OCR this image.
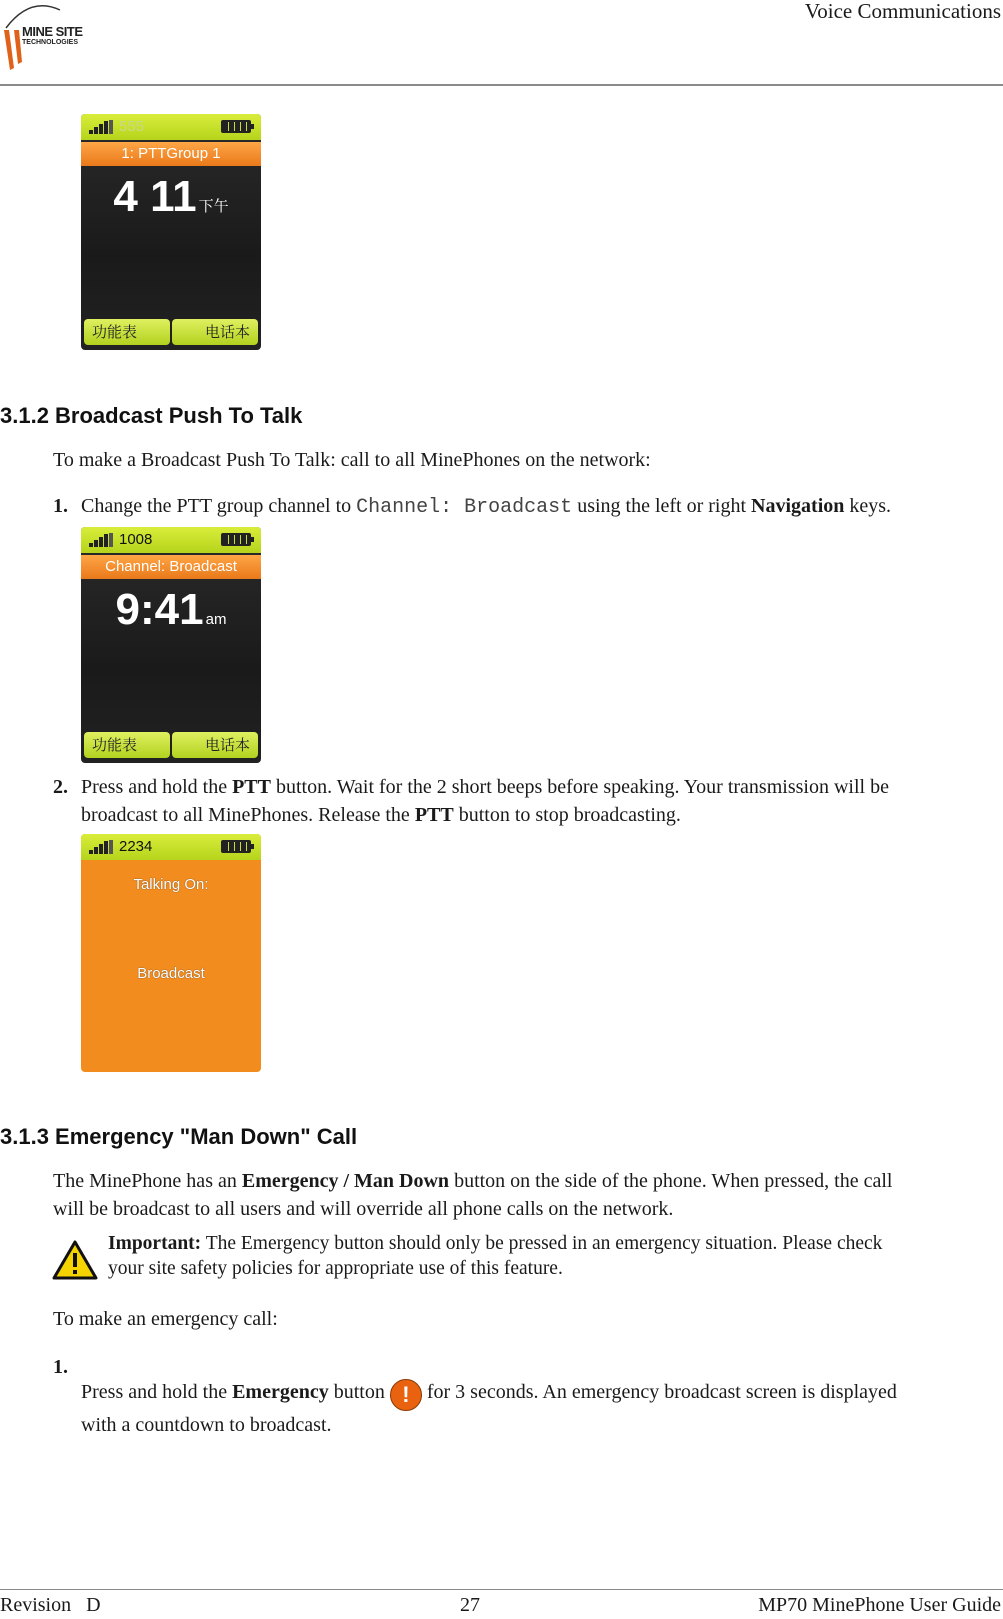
MINE SITE
TECHNOLOGIES
Voice Communications
555
1: PTTGroup 1
4 11 下午
功能表	电话本
3.1.2 Broadcast Push To Talk
To make a Broadcast Push To Talk: call to all MinePhones on the network:
1. Change the PTT group channel to Channel: Broadcast using the left or right Navigation keys.
1008
Channel: Broadcast
9:41 am
功能表	电话本
2. Press and hold the PTT button. Wait for the 2 short beeps before speaking. Your transmission will be
broadcast to all MinePhones. Release the PTT button to stop broadcasting.
2234
Talking On:
Broadcast
3.1.3 Emergency "Man Down" Call
The MinePhone has an Emergency / Man Down button on the side of the phone. When pressed, the call
will be broadcast to all users and will override all phone calls on the network.
Important: The Emergency button should only be pressed in an emergency situation. Please check
your site safety policies for appropriate use of this feature.
To make an emergency call:
1.
Press and hold the Emergency button ! for 3 seconds. An emergency broadcast screen is displayed
with a countdown to broadcast.
Revision   D	27	MP70 MinePhone User Guide
